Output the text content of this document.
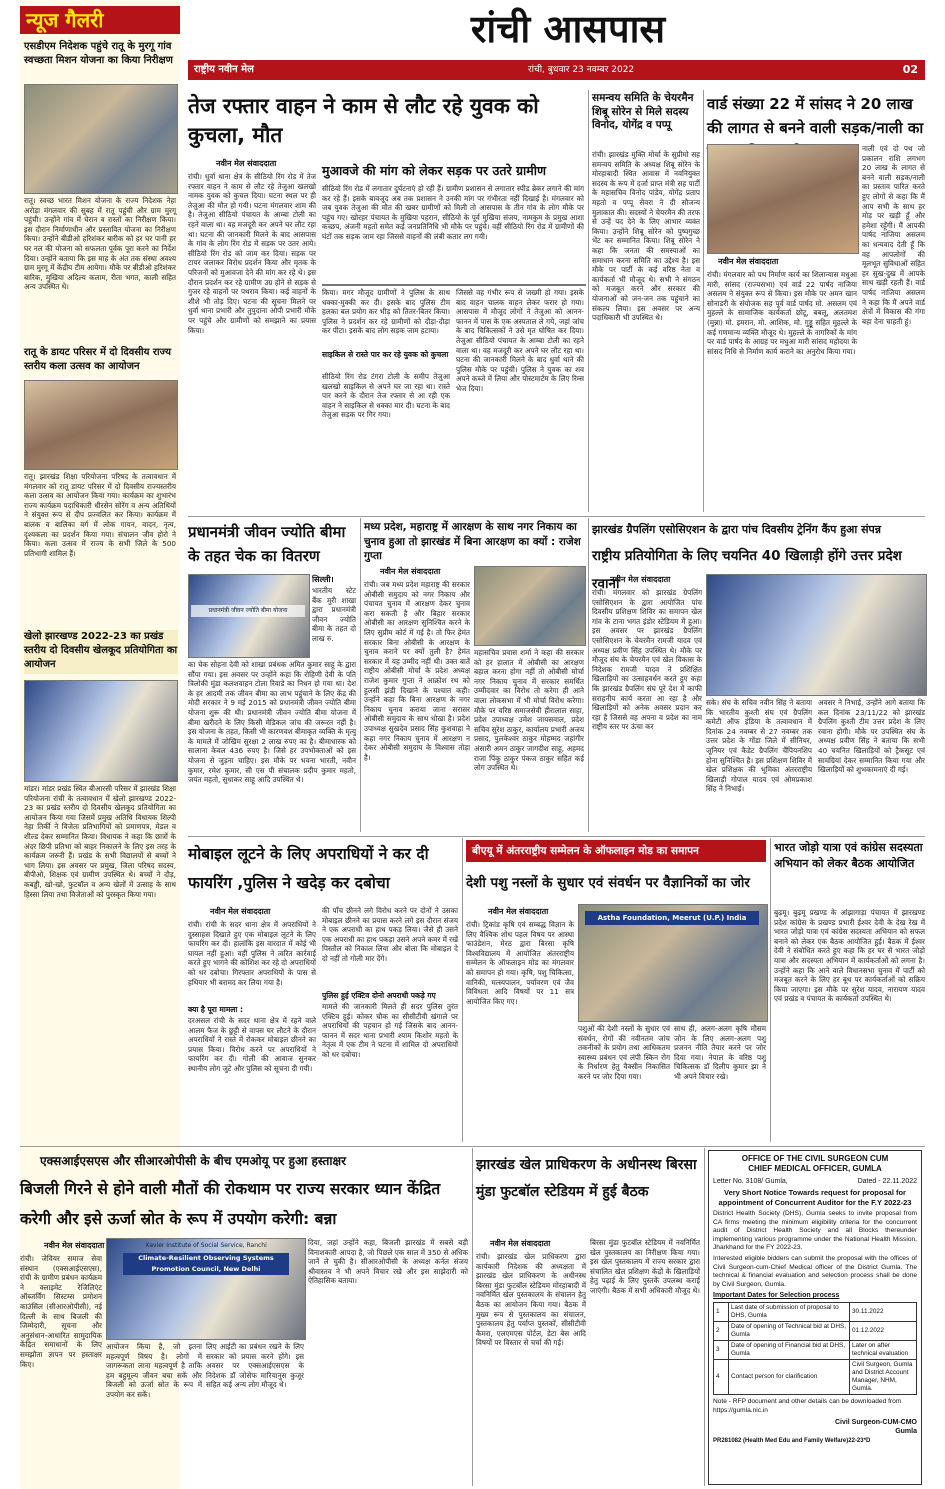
न्यूज गैलरी
एसडीएम निदेशक पहुंचे रातू के मुरगू गांव स्वच्छता मिशन योजना का किया निरीक्षण
रातू। स्वच्छ भारत मिशन योजना के राज्य निदेशक नेहा अरोड़ा मंगलवार की सुबह में रातू पहुंची और ग्राम मुरगू पहुंची। उन्होंने गांव में घेरान व रास्तों का निरीक्षण किया। इस दौरान निर्माणाधीन और प्रस्तावित योजना का निरीक्षण किया। उन्होंने बीडीओ हरिशंकर बारीक को हर घर पानी हर घर नल की योजना को सफलता पूर्वक पूरा करने का निर्देश दिया। उन्होंने बताया कि इस माह के अंत तक संस्था अवश्य ग्राम मुरगू में केंद्रीय टीम आयेगा। मौके पर बीडीओ हरिशंकर बारिक, मुखिया अदिल्य कलाम, रीता भगत, काली सहित अन्य उपस्थित थे।
रातू के डायट परिसर में दो दिवसीय राज्य स्तरीय कला उत्सव का आयोजन
रातू। झारखंड शिक्षा परियोजना परिषद के तत्वावधान में मंगलवार को रातू डायट परिसर में दो दिवसीय राज्यस्तरीय कला उत्सव का आयोजन किया गया। कार्यक्रम का शुभारंभ राज्य कार्यक्रम पदाधिकारी धीरसेन सोरेंग व अन्य अतिथियों ने संयुक्त रूप से दीप प्रज्वलित कर किया। कार्यक्रम में बालक व बालिका वर्ग में लोक गायन, वादन, नृत्य, दृश्यकला का प्रदर्शन किया गया। संचालन जीव होरो ने किया। कला उत्सव में राज्य के सभी जिले के 500 प्रतिभागी शामिल हैं।
खेलो झारखण्ड 2022-23 का प्रखंड स्तरीय दो दिवसीय खेलकूद प्रतियोगिता का आयोजन
मांडर। मांडर प्रखंड स्थित बीआरसी परिसर में झारखंड शिक्षा परियोजना रांची के तत्वावधान में खेलो झारखण्ड 2022-23 का प्रखंड स्तरीय दो दिवसीय खेलकूद प्रतियोगिता का आयोजन किया गया जिसमें प्रमुख अतिथि विधायक शिल्पी नेहा तिर्की ने विजेता प्रतिभागियों को प्रमाणपत्र, मेडल व शील्ड देकर सम्मानित किया। विधायक ने कहा कि छात्रों के अंदर छिपी प्रतिभा को बाहर निकालने के लिए इस तरह के कार्यक्रम जरूरी हैं। प्रखंड के सभी विद्यालयों से बच्चों ने भाग लिया। इस अवसर पर प्रमुख, जिला परिषद सदस्य, बीपीओ, शिक्षक एवं ग्रामीण उपस्थित थे। बच्चों ने दौड़, कबड्डी, खो-खो, फुटबॉल व अन्य खेलों में उत्साह के साथ हिस्सा लिया तथा विजेताओं को पुरस्कृत किया गया।
रांची आसपास
राष्ट्रीय नवीन मेल	रांची, बुधवार 23 नवम्बर 2022	02
तेज रफ्तार वाहन ने काम से लौट रहे युवक को कुचला, मौत
नवीन मेल संवाददाता
रांची। धुर्वा थाना क्षेत्र के सीठियो रिंग रोड में तेज रफ्तार वाहन ने काम से लौट रहे तेजुआ खलखो नामक युवक को कुचल दिया। घटना स्थल पर ही तेजुआ की मौत हो गयी। घटना मंगलवार शाम की है। तेजुआ सीठियो पंचायत के आम्बा टोली का रहने वाला था। वह मजदूरी कर अपने घर लौट रहा था। घटना की जानकारी मिलने के बाद आसपास के गांव के लोग रिंग रोड में सड़क पर उतर आये। सीठियो रिंग रोड को जाम कर दिया। सड़क पर टायर जलाकर विरोध प्रदर्शन किया और मृतक के परिजनों को मुआवजा देने की मांग कर रहे थे। इस दौरान प्रदर्शन कर रहे ग्रामीण उग्र होने से सड़क से गुजर रहे वाहनों पर पथराव किया। कई वाहनों के शीशे भी तोड़ दिए। घटना की सूचना मिलने पर धुर्वा थाना प्रभारी और तुपुदाना ओपी प्रभारी मौके पर पहुंचे और ग्रामीणों को समझाने का प्रयास किया।
मुआवजे की मांग को लेकर सड़क पर उतरे ग्रामीण
सीठियो रिंग रोड में लगातार दुर्घटनाएं हो रही हैं। ग्रामीण प्रशासन से लगातार स्पीड ब्रेकर लगाने की मांग कर रहे हैं। इसके बावजूद अब तक प्रशासन ने उनकी मांग पर गंभीरता नहीं दिखाई है। मंगलवार को जब युवक तेजुआ की मौत की खबर ग्रामीणों को मिली तो आसपास के तीन गांव के लोग मौके पर पहुंच गए। खोरहर पंचायत के मुखिया पहरान, सीठियो के पूर्व मुखिया संजय, नामकुम के प्रमुख आशा कच्छप, अंजनी महतो समेत कई जनप्रतिनिधि भी मौके पर पहुंचे। वहीं सीठियो रिंग रोड में ग्रामीणों की घंटों तक सड़क जाम रहा जिससे वाहनों की लंबी कतार लग गयी।
किया। मगर मौजूद ग्रामीणों ने पुलिस के साथ धक्का-मुक्की कर दी। इसके बाद पुलिस टीम हलका बल प्रयोग कर भीड़ को तितर-बितर किया। पुलिस ने प्रदर्शन कर रहे ग्रामीणों को दौड़ा-दौड़ा कर पीटा। इसके बाद लोग सड़क जाम हटाया।
साइकिल से रास्ते पार कर रहे युवक को कुचला
सीठियो रिंग रोड टंगरा टोली के समीप तेजुआ खलखो साइकिल से अपने घर जा रहा था। रास्ते पार करने के दौरान तेज रफ्तार से आ रही एक वाहन ने साइकिल से धक्का मार दी। घटना के बाद तेजुआ सड़क पर गिर गया।
जिससे वह गंभीर रूप से जख्मी हो गया। इसके बाद वाहन चालक वाहन लेकर फरार हो गया। आसपास में मौजूद लोगों ने तेजुआ को आनन-फानन में पास के एक अस्पताल ले गये, जहां जांच के बाद चिकित्सकों ने उसे मृत घोषित कर दिया। तेजुआ सीठियो पंचायत के आम्बा टोली का रहने वाला था। वह मजदूरी कर अपने घर लौट रहा था। घटना की जानकारी मिलने के बाद धुर्वा थाने की पुलिस मौके पर पहुंची। पुलिस ने युवक का शव अपने कब्जे में लिया और पोस्टमार्टम के लिए रिम्स भेज दिया।
समन्वय समिति के चेयरमैन शिबू सोरेन से मिले सदस्य विनोद, योगेंद्र व पप्पू
रांची। झारखंड मुक्ति मोर्चा के सुप्रीमो सह समन्वय समिति के अध्यक्ष शिबू सोरेन के मोरहाबादी स्थित आवास में नवनियुक्त सदस्य के रूप में दर्जा प्राप्त मंत्री सह पार्टी के महासचिव विनोद पांडेय, योगेंद्र प्रताप महतो व पप्पू सेवरा ने दी सौजन्य मुलाकात की। सदस्यों ने चेयरमैन की तरफ से उन्हें पद देने के लिए आभार व्यक्त किया। उन्होंने शिबू सोरेन को पुष्पगुच्छ भेंट कर सम्मानित किया। शिबू सोरेन ने कहा कि जनता की समस्याओं का समाधान करना समिति का उद्देश्य है। इस मौके पर पार्टी के कई वरिष्ठ नेता व कार्यकर्ता भी मौजूद थे। सभी ने संगठन को मजबूत करने और सरकार की योजनाओं को जन-जन तक पहुंचाने का संकल्प लिया। इस अवसर पर अन्य पदाधिकारी भी उपस्थित थे।
वार्ड संख्या 22 में सांसद ने 20 लाख की लागत से बनने वाली सड़क/नाली का
नाली एवं दो पथ जो प्रकालन राशि लगभग 20 लाख के लागत से बनने वाली सड़क/नाली का प्रस्ताव पारित करते हुए लोगों से कहा कि मैं आप सभी के साथ हर मोड़ पर खड़ी हूँ और हमेशा रहूँगी। मैं आपकी पार्षद नाजिया असलम का धन्यवाद देती हूँ कि वह आपलोगों की मूलभूत सुविधाओं सहित हर सुख-दुख में आपके साथ खड़ी रहती हैं। वार्ड पार्षद नाजिया असलम ने कहा कि मैं अपने वार्ड क्षेत्रों में विकास की गंगा बहा देना चाहती हूं।
नवीन मेल संवाददाता
रांची। मंगलवार को पथ निर्माण कार्य का शिलान्यास मधुआ मारी, सांसद (राज्यसभा) एवं वार्ड 22 पार्षद नाजिया असलम ने संयुक्त रूप से किया। इस मौके पर अमन खान सोनाडरी के संयोजक सह पूर्व वार्ड पार्षद मो. असलम एवं मुहल्ले के सामाजिक कार्यकर्ता छोटू, बबलू, अलतमश (मुन्ना) मो. इमरान, मो. आशिक, मो. गुड्डू सहित मुहल्ले के कई गणमान्य व्यक्ति मौजूद थे। मुहल्ले के नागरिकों के मांग पर वार्ड पार्षद के आग्रह पर मधुआ मारी सांसद महोदया के सांसद निधि से निर्माण कार्य कराने का अनुरोध किया गया।
प्रधानमंत्री जीवन ज्योति बीमा के तहत चेक का वितरण
प्रधानमंत्री जीवन ज्योति बीमा योजना
सिल्ली।
भारतीय स्टेट बैंक मुरी शाखा द्वारा प्रधानमंत्री जीवन ज्योति बीमा के तहत दो लाख रु.
का चेक सोहना देवी को शाखा प्रबंधक अमित कुमार साहू के द्वारा सौंपा गया। इस अवसर पर उन्होंने कहा कि रोहिणी देवी के पति त्रिलोकी मुंडा कलशवाहन टोला रिवाडे का निधन हो गया था। देश के हर आदमी तक जीवन बीमा का लाभ पहुंचाने के लिए केंद्र की मोदी सरकार ने 9 मई 2015 को प्रधानमंत्री जीवन ज्योति बीमा योजना शुरू की थी। प्रधानमंत्री जीवन ज्योति बीमा योजना में बीमा खरीदने के लिए किसी मेडिकल जांच की जरूरत नहीं है। इस योजना के तहत, किसी भी कारणवश बीमाकृत व्यक्ति के मृत्यु के मामले में जोखिम सुरक्षा 2 लाख रुपए का है। बीमाधारक को सालाना केवल 436 रुपए है। जिसे हर उपभोक्ताओं को इस योजना से जुड़ना चाहिए। इस मौके पर भवना भारती, नवीन कुमार, रमेश कुमार, सी एस पी संचालक प्रदीप कुमार महतो, जयंत महतो, सुधाकर साहू आदि उपस्थित थे।
मध्य प्रदेश, महाराष्ट्र में आरक्षण के साथ नगर निकाय का चुनाव हुआ तो झारखंड में बिना आरक्षण का क्यों : राजेश गुप्ता
नवीन मेल संवाददाता
रांची। जब मध्य प्रदेश महाराष्ट्र की सरकार ओबीसी समुदाय को नगर निकाय और पंचायत चुनाव में आरक्षण देकर चुनाव करा सकती है और बिहार सरकार ओबीसी का आरक्षण सुनिश्चित करने के लिए सुप्रीम कोर्ट में गई है। तो फिर हेमंत सरकार बिना ओबीसी के आरक्षण के चुनाव कराने पर क्यों तुली है? हेमंत सरकार में यह उम्मीद नहीं थी। उक्त बातें राष्ट्रीय ओबीसी मोर्चा के प्रदेश अध्यक्ष राजेश कुमार गुप्ता ने आक्रोश रथ को हुलसी झंडी दिखाने के पश्चात कही। उन्होंने कहा कि बिना आरक्षण के नगर निकाय चुनाव कराया जाना सरासर ओबीसी समुदाय के साथ धोखा है। प्रदेश उपाध्यक्ष सुखदेव प्रसाद सिंह कुशवाहा ने कहा नगर निकाय चुनाव में आरक्षण न देकर ओबीसी समुदाय के विश्वास तोड़ा है।
महासचिव प्रवास शर्मा ने कहा की सरकार को हर हालात में ओबीसी का आरक्षण बहाल करना होगा नहीं तो ओबीसी मोर्चा नगर निकाय चुनाव में सरकार समर्थित उम्मीदवार का विरोध तो करेगा ही आने वाला लोकसभा में भी मोर्चा विरोध करेगा। मौके पर वरिष्ठ समाजसेवी हीरालाल साहा, प्रदेश उपाध्यक्ष उमेश जायसवाल, प्रदेश सचिव सुरेश ठाकुर, कार्यालय प्रभारी अजय प्रसाद, पुलकेश्वर ठाकुर मोहम्मद जहांगीर अंसारी अमन ठाकुर जागदीश साहू, अहमद राजा पिंकू ठाकुर पंकज ठाकुर सहित कई लोग उपस्थित थे।
झारखंड ग्रैपलिंग एसोसिएशन के द्वारा पांच दिवसीय ट्रेनिंग कैंप हुआ संपन्न
राष्ट्रीय प्रतियोगिता के लिए चयनित 40 खिलाड़ी होंगे उत्तर प्रदेश रवाना
नवीन मेल संवाददाता
रांची। मंगलवार को झारखंड ग्रेपलिंग एसोसिएशन के द्वारा आयोजित पांच दिवसीय प्रशिक्षण शिविर का समापन खेल गांव के टाना भगत इंडोर स्टेडियम में हुआ। इस अवसर पर झारखंड ग्रैपलिंग एसोसिएशन के चेयरमैन रामजी यादव एवं अध्यक्ष प्रवीण सिंह उपस्थित थे। मौके पर मौजूद संघ के चेयरमैन एवं खेल विकास के निदेशक रामजी यादव ने प्रशिक्षित खिलाड़ियों का उत्साहवर्धन करते हुए कहा कि झारखंड ग्रैपलिंग संघ पूरे देश में काफी सराहनीय कार्य करता आ रहा है और खिलाड़ियों को अनेक अवसर प्रदान कर रहा है जिससे वह अपना व प्रदेश का नाम राष्ट्रीय स्तर पर ऊंचा कर
सके। संघ के सचिव नवीन सिंह ने बताया कि भारतीय कुश्ती संघ एवं ग्रैपलिंग कमेटी ऑफ इंडिया के तत्वावधान में दिनांक 24 नवम्बर से 27 नवम्बर तक उत्तर प्रदेश के गोंडा जिले में सीनियर, जूनियर एवं कैडेट ग्रैपलिंग चैंपियनशिप होना सुनिश्चित है। इस प्रशिक्षण शिविर में खेल प्रशिक्षक की भूमिका अंतरराष्ट्रीय खिलाड़ी गोपाल यादव एवं ओमप्रकाश सिंह ने निभाई।
अवसर ने निभाई, उन्होंने आगे बताया कि कल दिनांक 23/11/22 को झारखंड ग्रैपलिंग कुश्ती टीम उत्तर प्रदेश के लिए रवाना होगी। मौके पर उपस्थित संघ के अध्यक्ष प्रवीण सिंह ने बताया कि सभी 40 चयनित खिलाड़ियों को ट्रैकसूट एवं सामग्रियां देकर सम्मानित किया गया और खिलाड़ियों को शुभकामनाएं दी गई।
मोबाइल लूटने के लिए अपराधियों ने कर दी फायरिंग ,पुलिस ने खदेड़ कर दबोचा
नवीन मेल संवाददाता
रांची। रांची के सदर थाना क्षेत्र में अपराधियों ने दुस्साहस दिखाते हुए एक मोबाइल लूटने के लिए फायरिंग कर दी। हालांकि इस वारदात में कोई भी घायल नहीं हुआ। वहीं पुलिस ने त्वरित कार्रवाई करते हुए भागने की कोशिश कर रहे दो अपराधियों को धर दबोचा। गिरफ्तार अपराधियों के पास से हथियार भी बरामद कर लिया गया है।
क्या है पूरा मामला :
दरअसल रांची के सदर थाना क्षेत्र में रहने वाले आलम फैज के छुट्टी से वापस घर लौटने के दौरान अपराधियों ने रास्ते में रोककर मोबाइल छीनने का प्रयास किया। विरोध करने पर अपराधियों ने फायरिंग कर दी। गोली की आवाज सुनकर स्थानीय लोग जुटे और पुलिस को सूचना दी गयी।
की पाँच छीनने लगे विरोध करने पर दोनों ने उसका मोबाइल छीनने का प्रयास करने लगे इस दौरान संजय ने एक अपराधी का हाथ पकड़ लिया। जैसे ही उसने एक अपराधी का हाथ पकड़ा उसने अपने कमर में रखें पिस्तौल को निकाल लिया और बोला कि मोबाइल दे दो नहीं तो गोली मार देंगे।
पुलिस हुई एक्टिव दोनो अपराधी पकड़े गए
मामले की जानकारी मिलते ही सदर पुलिस तुरंत एक्टिव हुई। कोकर चौक का सीसीटीवी खंगाले पर अपराधियों की पहचान हो गई जिसके बाद आनन-फानन में सदर थाना प्रभारी श्याम किशोर महतो के नेतृत्व में एक टीम ने घटना में शामिल दो अपराधियों को धर दबोचा।
बीएयू में अंतरराष्ट्रीय सम्मेलन के ऑफलाइन मोड का समापन
देशी पशु नस्लों के सुधार एवं संवर्धन पर वैज्ञानिकों का जोर
नवीन मेल संवाददाता
रांची। ट्रिकांड कृषि एवं सम्बद्ध विज्ञान के लिए वैश्विक शोध पहल विषय पर आस्था फाउंडेशन, मेरठ द्वारा बिरसा कृषि विश्वविद्यालय में आयोजित अंतरराष्ट्रीय सम्मेलन के ऑफलाइन मोड का मंगलवार को समापन हो गया। कृषि, पशु चिकित्सा, वानिकी, मत्स्यपालन, पर्यावरण एवं जैव विविधता आदि विषयों पर 11 सत्र आयोजित किए गए।
Astha Foundation, Meerut (U.P.) India
पशुओं की देशी नस्लों के सुधार एवं संवर्धन, रोगों की नवीनतम जांच तकनीकों के प्रयोग तथा आधिकतम स्वास्थ्य प्रबंधन एवं लंपी स्किन रोग के निर्धारण हेतु वैक्सीन निकासित करने पर जोर दिया गया।
साथ ही, अलग-अलग कृषि मौसम जोन के लिए अलग-अलग पशु प्रजनन नीति तैयार करने पर जोर दिया गया। नेपाल के वरिष्ठ पशु चिकित्सक डॉ दिलीप कुमार झा ने भी अपने विचार रखे।
भारत जोड़ो यात्रा एवं कांग्रेस सदस्यता अभियान को लेकर बैठक आयोजित
बुढ़मू। बुढ़मू प्रखण्ड के आंझागाड़ा पंचायत में झारखण्ड प्रदेश कांग्रेस के प्रखण्ड प्रभारी ईश्वर देवी के देख रेख में भारत जोड़ो यात्रा एवं कांग्रेस सदस्यता अभियान को सफल बनाने को लेकर एक बैठक आयोजित हुई। बैठक में ईश्वर देवी ने संबोधित करते हुए कहा कि हर घर से भारत जोड़ो यात्रा और सदस्यता अभियान में कार्यकर्ताओं को लगना है। उन्होंने कहा कि आने वाले विधानसभा चुनाव में पार्टी को मजबूत करने के लिए हर बूथ पर कार्यकर्ताओं को सक्रिय किया जाएगा। इस मौके पर सुरेश यादव, नारायण यादव एवं प्रखंड व पंचायत के कार्यकर्ता उपस्थित थे।
एक्सआईएसएस और सीआरओपीसी के बीच एमओयू पर हुआ हस्ताक्षर
बिजली गिरने से होने वाली मौतों की रोकथाम पर राज्य सरकार ध्यान केंद्रित करेगी और इसे ऊर्जा स्रोत के रूप में उपयोग करेगी: बन्ना
नवीन मेल संवाददाता
रांची। जेवियर समाज सेवा संस्थान (एक्सआईएसएस), रांची के ग्रामीण प्रबंधन कार्यक्रम ने क्लाइमेट रेजिलिएंट ऑब्जर्विंग सिस्टम्स प्रमोशन काउंसिल (सीआरओपीसी), नई दिल्ली के साथ बिजली की जिम्मेदारी, सूचना और अनुसंधान-आधारित सामुदायिक केंद्रित समाधानों के लिए समझौता ज्ञापन पर हस्ताक्षर किए।
Xavier Institute of Social Service, Ranchi
Climate-Resilient Observing Systems Promotion Council, New Delhi
आयोजन किया है, जो इतना महत्वपूर्ण विषय है। लोगों में जागरूकता लाना महत्वपूर्ण है ताकि हम बहुमूल्य जीवन बचा सकें और बिजली को ऊर्जा स्रोत के रूप में उपयोग कर सकें।
लिए आईटी का प्रबंधन रखने के लिए सरकार को प्रयास करने होंगे। इस अवसर पर एक्सआईएसएस के निदेशक डॉ जोसेफ मारियानुस कुजूर सहित कई अन्य लोग मौजूद थे।
दिया, जहां उन्होंने कहा, बिजली झारखंड में सबसे बड़ी विनाशकारी आपदा है, जो पिछले एक साल में 350 से अधिक जानें ले चुकी है। सीआरओपीसी के अध्यक्ष कर्नल संजय श्रीवास्तव ने भी अपने विचार रखे और इस साझेदारी को ऐतिहासिक बताया।
झारखंड खेल प्राधिकरण के अधीनस्थ बिरसा मुंडा फुटबॉल स्टेडियम में हुई बैठक
नवीन मेल संवाददाता
रांची। झारखंड खेल प्राधिकरण द्वारा कार्यकारी निदेशक की अध्यक्षता में झारखंड खेल प्राधिकरण के अधीनस्थ बिरसा मुंडा फुटबॉल स्टेडियम मोरहाबादी में नवनिर्मित खेल पुस्तकालय के संचालन हेतु बैठक का आयोजन किया गया। बैठक में मुख्य रूप से पुस्तकालय का संचालन, पुस्तकालय हेतु पर्याप्त पुस्तकों, सीसीटीवी कैमरा, एलएमएस पोर्टल, डेटा बेस आदि विषयों पर विस्तार से चर्चा की गई।
बिरसा मुंडा फुटबॉल स्टेडियम में नवनिर्मित खेल पुस्तकालय का निरीक्षण किया गया। इस खेल पुस्तकालय में राज्य सरकार द्वारा संचालित खेल प्रशिक्षण केंद्रों के खिलाड़ियों हेतु पढ़ाई के लिए पुस्तकें उपलब्ध कराई जाएंगी। बैठक में सभी अधिकारी मौजूद थे।
OFFICE OF THE CIVIL SURGEON CUM
CHIEF MEDICAL OFFICER, GUMLA
Letter No. 3108/ Gumla,	Dated - 22.11.2022
Very Short Notice Towards request for proposal for appointment of Concurrent Auditor for the F.Y 2022-23
District Health Society (DHS), Gumla seeks to invite proposal from CA firms meeting the minimum eligibility criteria for the concurrent audit of District Health Society and all Blocks thereunder implementing various programme under the National Health Mission, Jharkhand for the FY 2022-23.
Interested eligible bidders can submit the proposal with the offices of Civil Surgeon-cum-Chief Medical officer of the District Gumla. The technical & financial evaluation and selection process shall be done by Civil Surgeon, Gumla.
Important Dates for Selection process
1	Last date of submission of proposal to DHS, Gumla	30.11.2022
2	Date of opening of Technical bid at DHS, Gumla	01.12.2022
3	Date of opening of Financial bid at DHS, Gumla	Later on after technical evaluation
4	Contact person for clarification	Civil Surgeon, Gumla and District Account Manager, NHM, Gumla.
Note - RFP document and other details can be downloaded from https://gumla.nic.in
Civil Surgeon-CUM-CMO
Gumla
PR281082 (Health Med Edu and Family Welfare)22-23*D
